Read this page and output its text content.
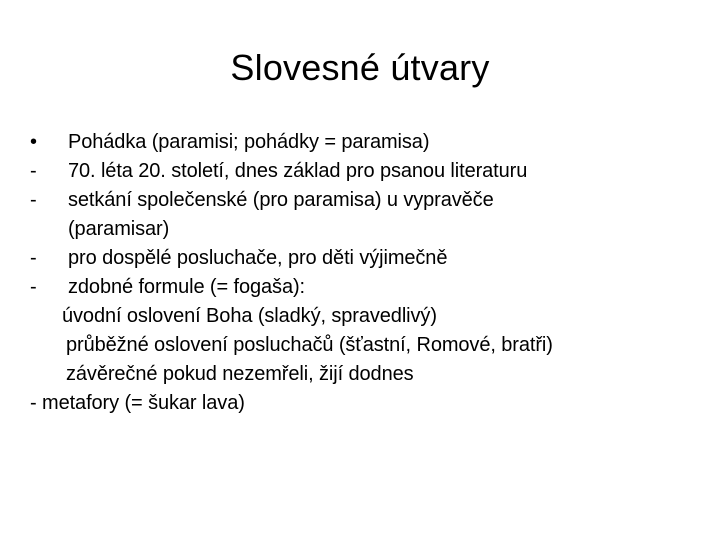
Slovesné útvary
•	Pohádka (paramisi; pohádky = paramisa)
-	70. léta 20. století, dnes základ pro psanou literaturu
-	setkání společenské (pro paramisa) u vypravěče
(paramisar)
-	pro dospělé posluchače, pro děti výjimečně
-	zdobné formule (= fogaša):
úvodní oslovení Boha (sladký, spravedlivý)
průběžné oslovení posluchačů (šťastní, Romové, bratři)
závěrečné pokud nezemřeli, žijí dodnes
- metafory (= šukar lava)
